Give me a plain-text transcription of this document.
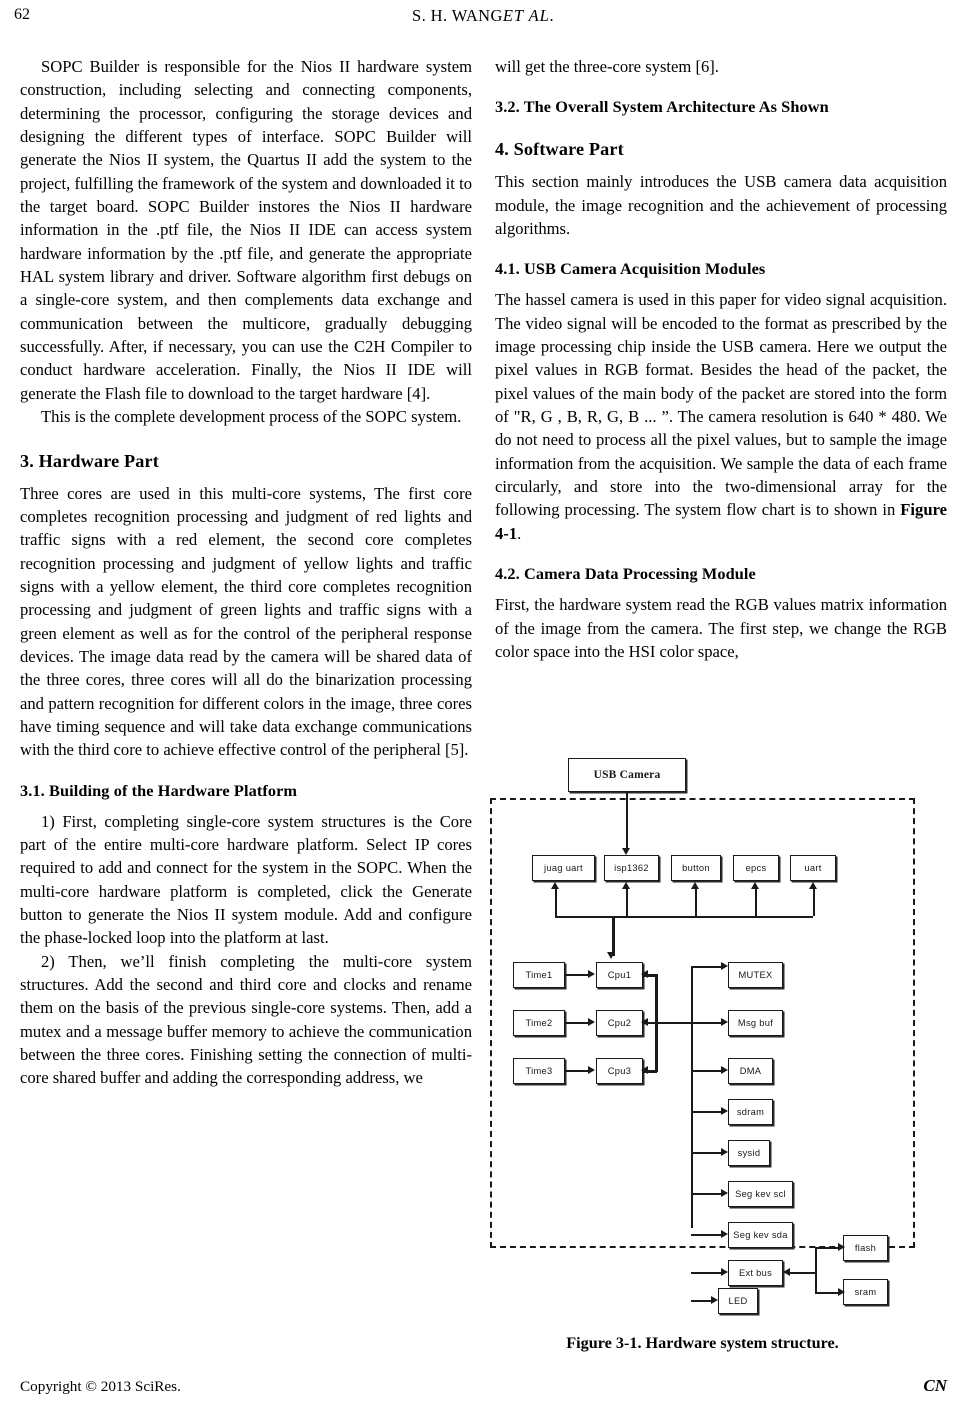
62	S. H. WANGET AL.

SOPC Builder is responsible for the Nios II hardware system construction, including selecting and connecting components, determining the processor, configuring the storage devices and designing the different types of interface. SOPC Builder will generate the Nios II system, the Quartus II add the system to the project, fulfilling the framework of the system and downloaded it to the target board. SOPC Builder instores the Nios II hardware information in the .ptf file, the Nios II IDE can access system hardware information by the .ptf file, and generate the appropriate HAL system library and driver. Software algorithm first debugs on a single-core system, and then complements data exchange and communication between the multicore, gradually debugging successfully. After, if necessary, you can use the C2H Compiler to conduct hardware acceleration. Finally, the Nios II IDE will generate the Flash file to download to the target hardware [4].

This is the complete development process of the SOPC system.

3. Hardware Part

Three cores are used in this multi-core systems, The first core completes recognition processing and judgment of red lights and traffic signs with a red element, the second core completes recognition processing and judgment of yellow lights and traffic signs with a yellow element, the third core completes recognition processing and judgment of green lights and traffic signs with a green element as well as for the control of the peripheral response devices. The image data read by the camera will be shared data of the three cores, three cores will all do the binarization processing and pattern recognition for different colors in the image, three cores have timing sequence and will take data exchange communications with the third core to achieve effective control of the peripheral [5].

3.1. Building of the Hardware Platform

1) First, completing single-core system structures is the Core part of the entire multi-core hardware platform. Select IP cores required to add and connect for the system in the SOPC. When the multi-core hardware platform is completed, click the Generate button to generate the Nios II system module. Add and configure the phase-locked loop into the platform at last.

2) Then, we’ll finish completing the multi-core system structures. Add the second and third core and clocks and rename them on the basis of the previous single-core systems. Then, add a mutex and a message buffer memory to achieve the communication between the three cores. Finishing setting the connection of multi-core shared buffer and adding the corresponding address, we

will get the three-core system [6].

3.2. The Overall System Architecture As Shown
4. Software Part

This section mainly introduces the USB camera data acquisition module, the image recognition and the achievement of processing algorithms.

4.1. USB Camera Acquisition Modules

The hassel camera is used in this paper for video signal acquisition. The video signal will be encoded to the format as prescribed by the image processing chip inside the USB camera. Here we output the pixel values in RGB format. Besides the head of the packet, the pixel values of the main body of the packet are stored into the form of "R, G , B, R, G, B ... ”. The camera resolution is 640 * 480. We do not need to process all the pixel values, but to sample the image information from the acquisition. We sample the data of each frame circularly, and store into the two-dimensional array for the following processing. The system flow chart is to shown in Figure 4-1.

4.2. Camera Data Processing Module

First, the hardware system read the RGB values matrix information of the image from the camera. The first step, we change the RGB color space into the HSI color space,

USB Camera
juag uart	isp1362	button	epcs	uart
Time1
Time2
Time3
Cpu1
Cpu2
Cpu3
MUTEX
Msg buf
DMA
sdram
sysid
Seg kev scl
Seg kev sda
Ext bus
flash
sram
LED
Figure 3-1. Hardware system structure.
Copyright © 2013 SciRes.	CN
